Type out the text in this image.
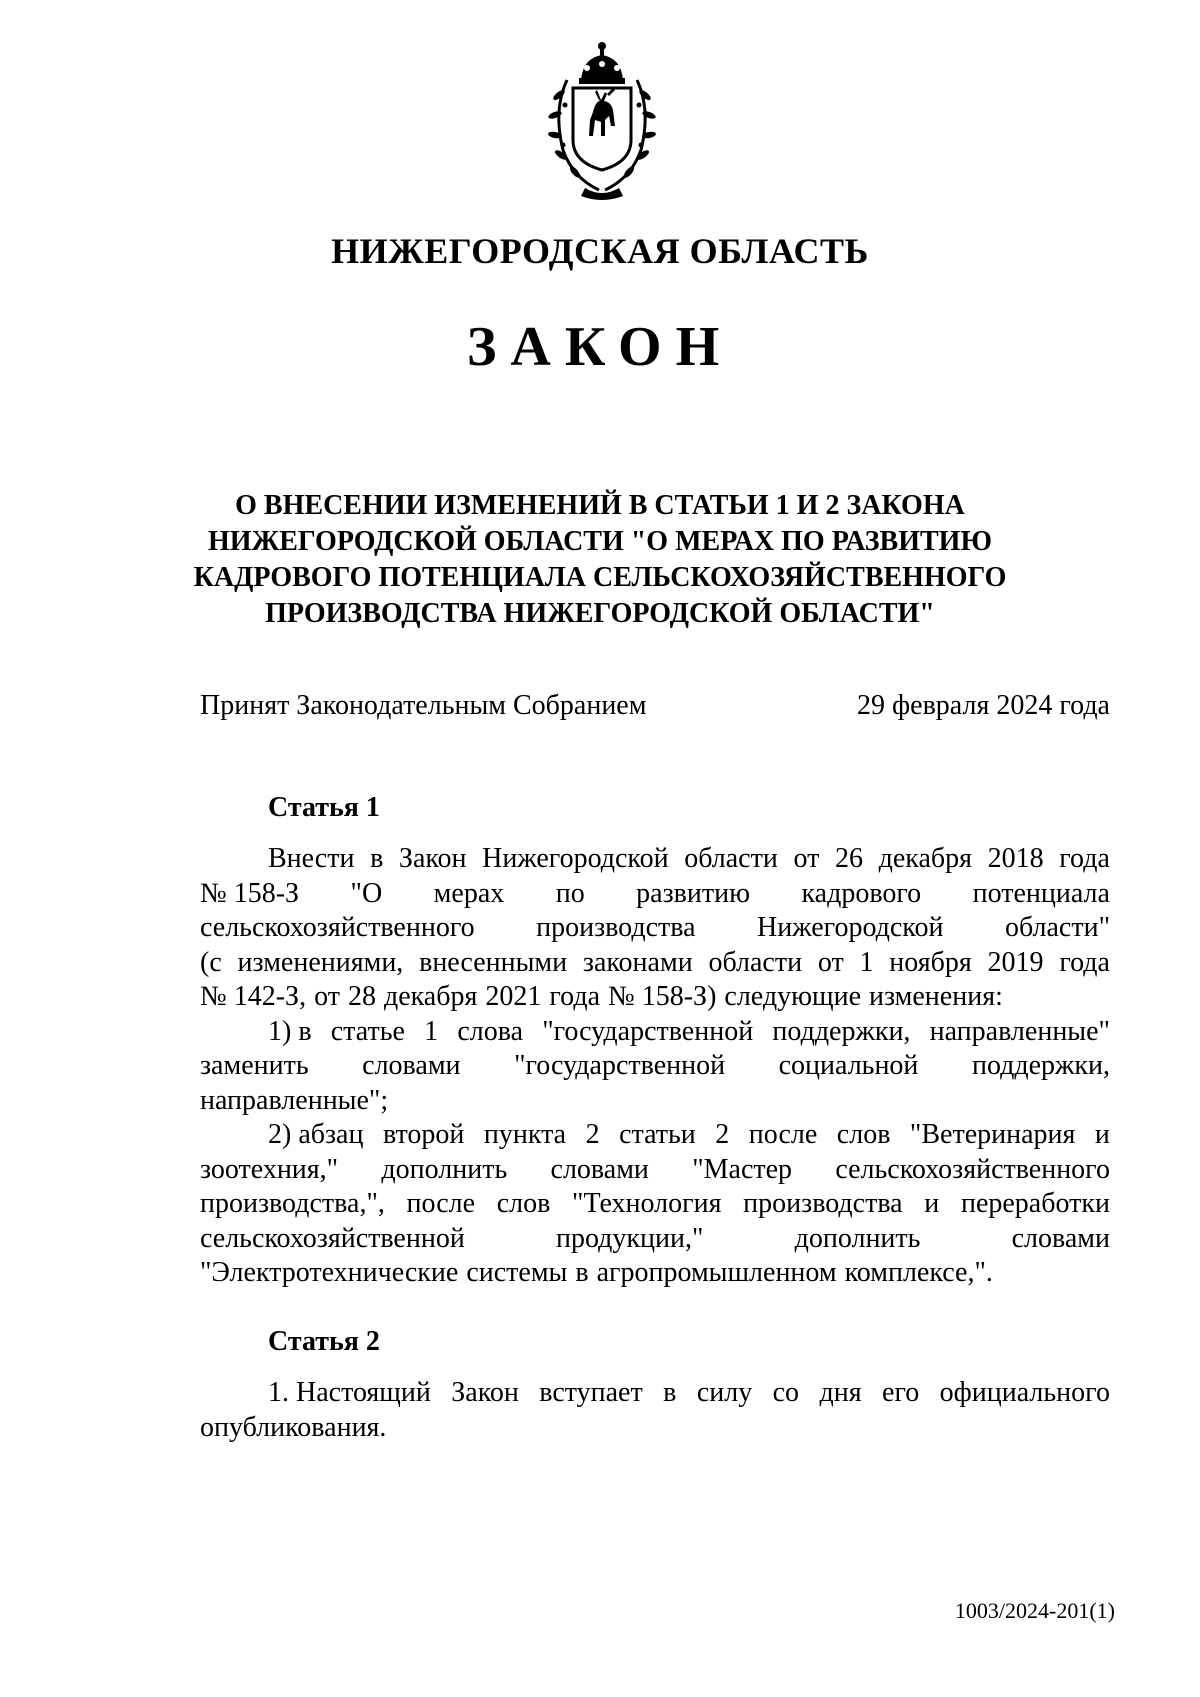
НИЖЕГОРОДСКАЯ ОБЛАСТЬ
ЗАКОН
О ВНЕСЕНИИ ИЗМЕНЕНИЙ В СТАТЬИ 1 И 2 ЗАКОНА
НИЖЕГОРОДСКОЙ ОБЛАСТИ "О МЕРАХ ПО РАЗВИТИЮ
КАДРОВОГО ПОТЕНЦИАЛА СЕЛЬСКОХОЗЯЙСТВЕННОГО
ПРОИЗВОДСТВА НИЖЕГОРОДСКОЙ ОБЛАСТИ"
Принят Законодательным Собранием	29 февраля 2024 года
Статья 1
Внести в Закон Нижегородской области от 26 декабря 2018 года
№ 158-З "О мерах по развитию кадрового потенциала
сельскохозяйственного производства Нижегородской области"
(с изменениями, внесенными законами области от 1 ноября 2019 года
№ 142-З, от 28 декабря 2021 года № 158-З) следующие изменения:
1) в статье 1 слова "государственной поддержки, направленные"
заменить словами "государственной социальной поддержки,
направленные";
2) абзац второй пункта 2 статьи 2 после слов "Ветеринария и
зоотехния," дополнить словами "Мастер сельскохозяйственного
производства,", после слов "Технология производства и переработки
сельскохозяйственной	продукции,"	дополнить	словами
"Электротехнические системы в агропромышленном комплексе,".
Статья 2
1. Настоящий Закон вступает в силу со дня его официального
опубликования.
1003/2024-201(1)
